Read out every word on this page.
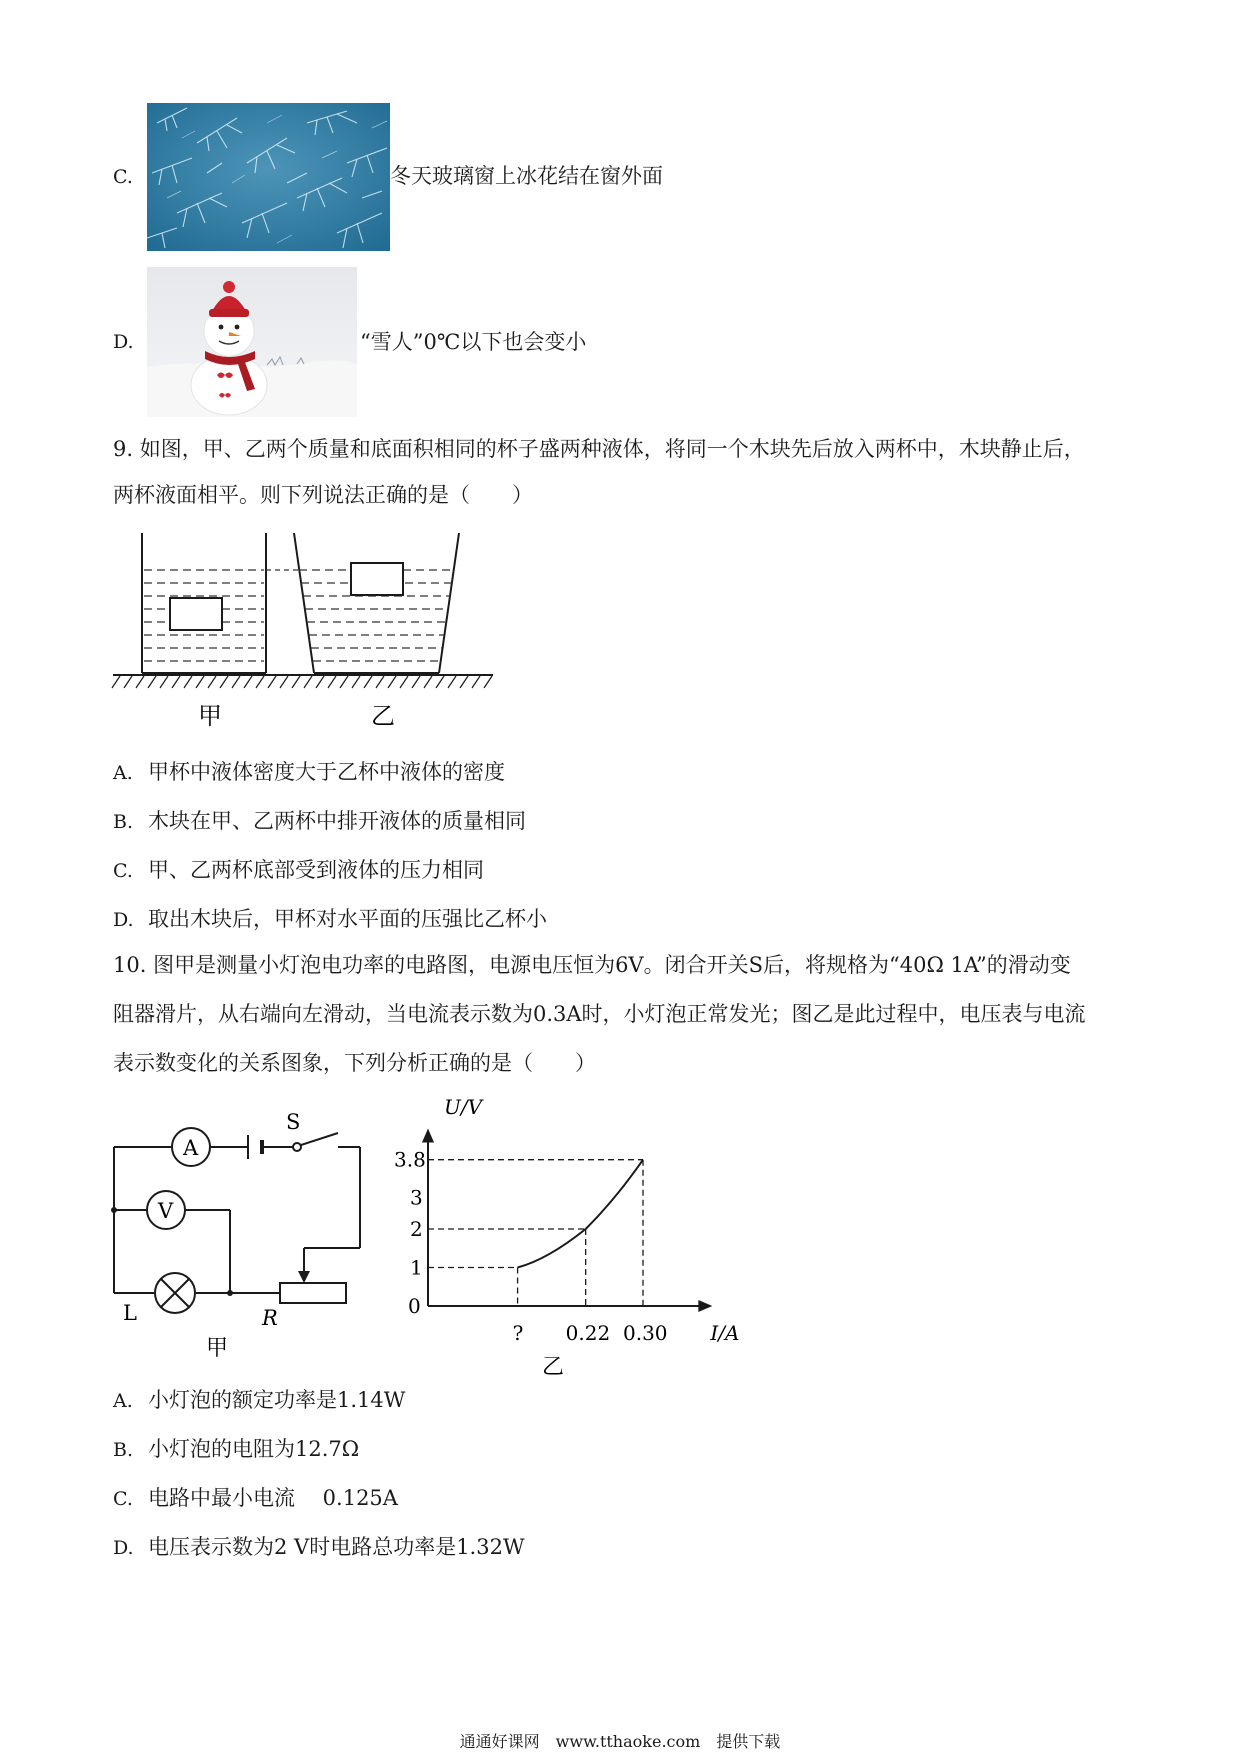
C.	冬天玻璃窗上冰花结在窗外面
D.	“雪人”0℃以下也会变小
9. 如图，甲、乙两个质量和底面积相同的杯子盛两种液体，将同一个木块先后放入两杯中，木块静止后，
两杯液面相平。则下列说法正确的是（　　）
甲	乙
A. 甲杯中液体密度大于乙杯中液体的密度
B. 木块在甲、乙两杯中排开液体的质量相同
C. 甲、乙两杯底部受到液体的压力相同
D. 取出木块后，甲杯对水平面的压强比乙杯小
10. 图甲是测量小灯泡电功率的电路图，电源电压恒为6V。闭合开关S后，将规格为“40Ω 1A”的滑动变
阻器滑片，从右端向左滑动，当电流表示数为0.3A时，小灯泡正常发光；图乙是此过程中，电压表与电流
表示数变化的关系图象，下列分析正确的是（　　）
S
A
V
L	R
甲
U/V
I/A
0
1
2
3
3.8
? 0.22 0.30
乙
A. 小灯泡的额定功率是1.14W
B. 小灯泡的电阻为12.7Ω
C. 电路中最小电流　 0.125A
D. 电压表示数为2 V时电路总功率是1.32W
通通好课网　www.tthaoke.com　提供下载
